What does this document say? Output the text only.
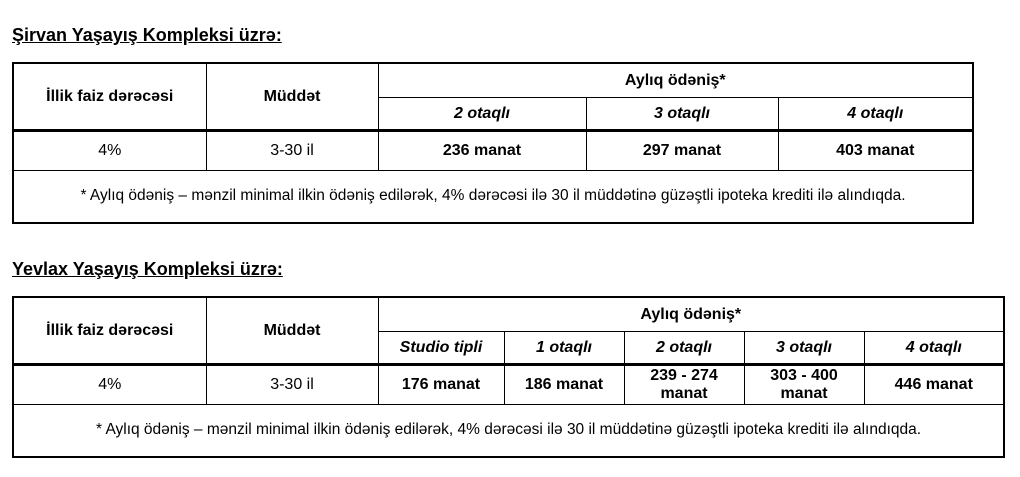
Şirvan Yaşayış Kompleksi üzrə:
İllik faiz dərəcəsi	Müddət	Aylıq ödəniş*		
		2 otaqlı	3 otaqlı	4 otaqlı
4%	3-30 il	236 manat	297 manat	403 manat

* Aylıq ödəniş – mənzil minimal ilkin ödəniş edilərək, 4% dərəcəsi ilə 30 il müddətinə güzəştli ipoteka krediti ilə alındıqda.				
Yevlax Yaşayış Kompleksi üzrə:
İllik faiz dərəcəsi	Müddət	Aylıq ödəniş*				
		Studio tipli	1 otaqlı	2 otaqlı	3 otaqlı	4 otaqlı
4%	3-30 il	176 manat	186 manat	239 - 274 manat	303 - 400 manat	446 manat

* Aylıq ödəniş – mənzil minimal ilkin ödəniş edilərək, 4% dərəcəsi ilə 30 il müddətinə güzəştli ipoteka krediti ilə alındıqda.						
